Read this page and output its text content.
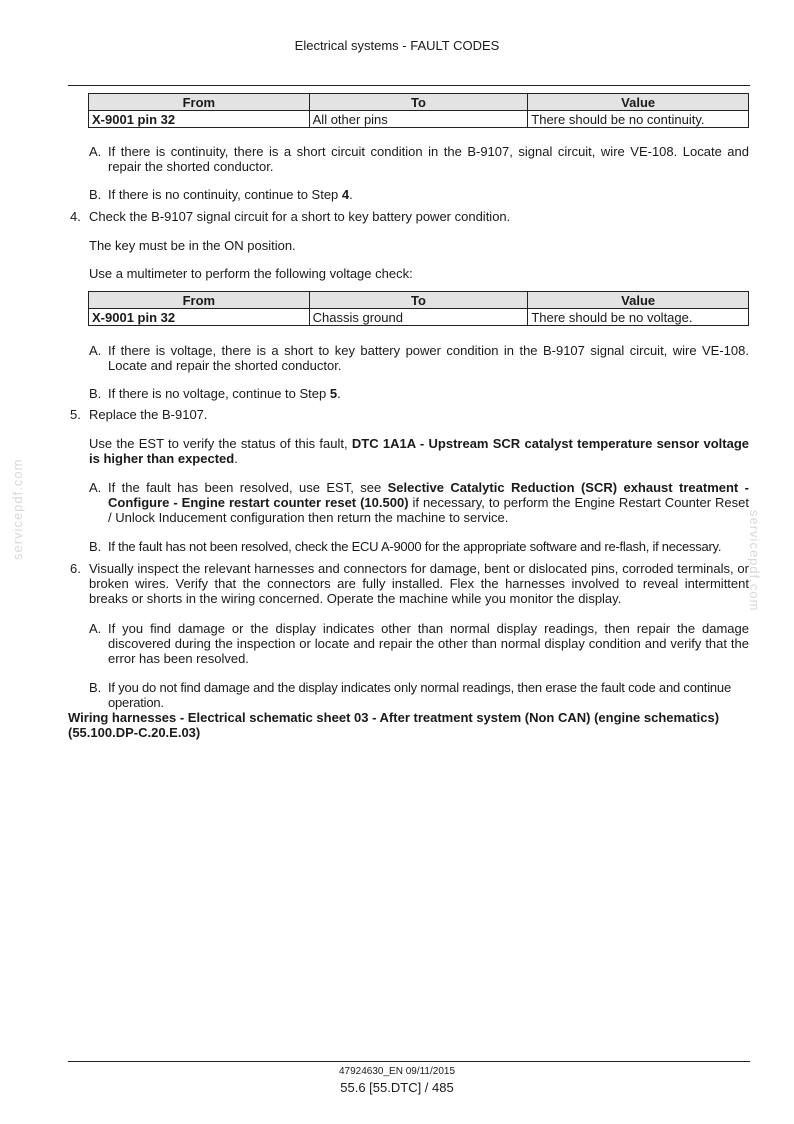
Electrical systems - FAULT CODES
From	To	Value
X-9001 pin 32	All other pins	There should be no continuity.
A. If there is continuity, there is a short circuit condition in the B-9107, signal circuit, wire VE-108. Locate and repair the shorted conductor.
B. If there is no continuity, continue to Step 4.
4. Check the B-9107 signal circuit for a short to key battery power condition.
The key must be in the ON position.
Use a multimeter to perform the following voltage check:
From	To	Value
X-9001 pin 32	Chassis ground	There should be no voltage.
A. If there is voltage, there is a short to key battery power condition in the B-9107 signal circuit, wire VE-108. Locate and repair the shorted conductor.
B. If there is no voltage, continue to Step 5.
5. Replace the B-9107.
Use the EST to verify the status of this fault, DTC 1A1A - Upstream SCR catalyst temperature sensor voltage is higher than expected.
A. If the fault has been resolved, use EST, see Selective Catalytic Reduction (SCR) exhaust treatment - Configure - Engine restart counter reset (10.500) if necessary, to perform the Engine Restart Counter Reset / Unlock Inducement configuration then return the machine to service.
B. If the fault has not been resolved, check the ECU A-9000 for the appropriate software and re-flash, if necessary.
6. Visually inspect the relevant harnesses and connectors for damage, bent or dislocated pins, corroded terminals, or broken wires. Verify that the connectors are fully installed. Flex the harnesses involved to reveal intermittent breaks or shorts in the wiring concerned. Operate the machine while you monitor the display.
A. If you find damage or the display indicates other than normal display readings, then repair the damage discovered during the inspection or locate and repair the other than normal display condition and verify that the error has been resolved.
B. If you do not find damage and the display indicates only normal readings, then erase the fault code and continue operation.
Wiring harnesses - Electrical schematic sheet 03 - After treatment system (Non CAN) (engine schematics) (55.100.DP-C.20.E.03)
servicepdf.com
servicepdf.com
47924630_EN 09/11/2015
55.6 [55.DTC] / 485
